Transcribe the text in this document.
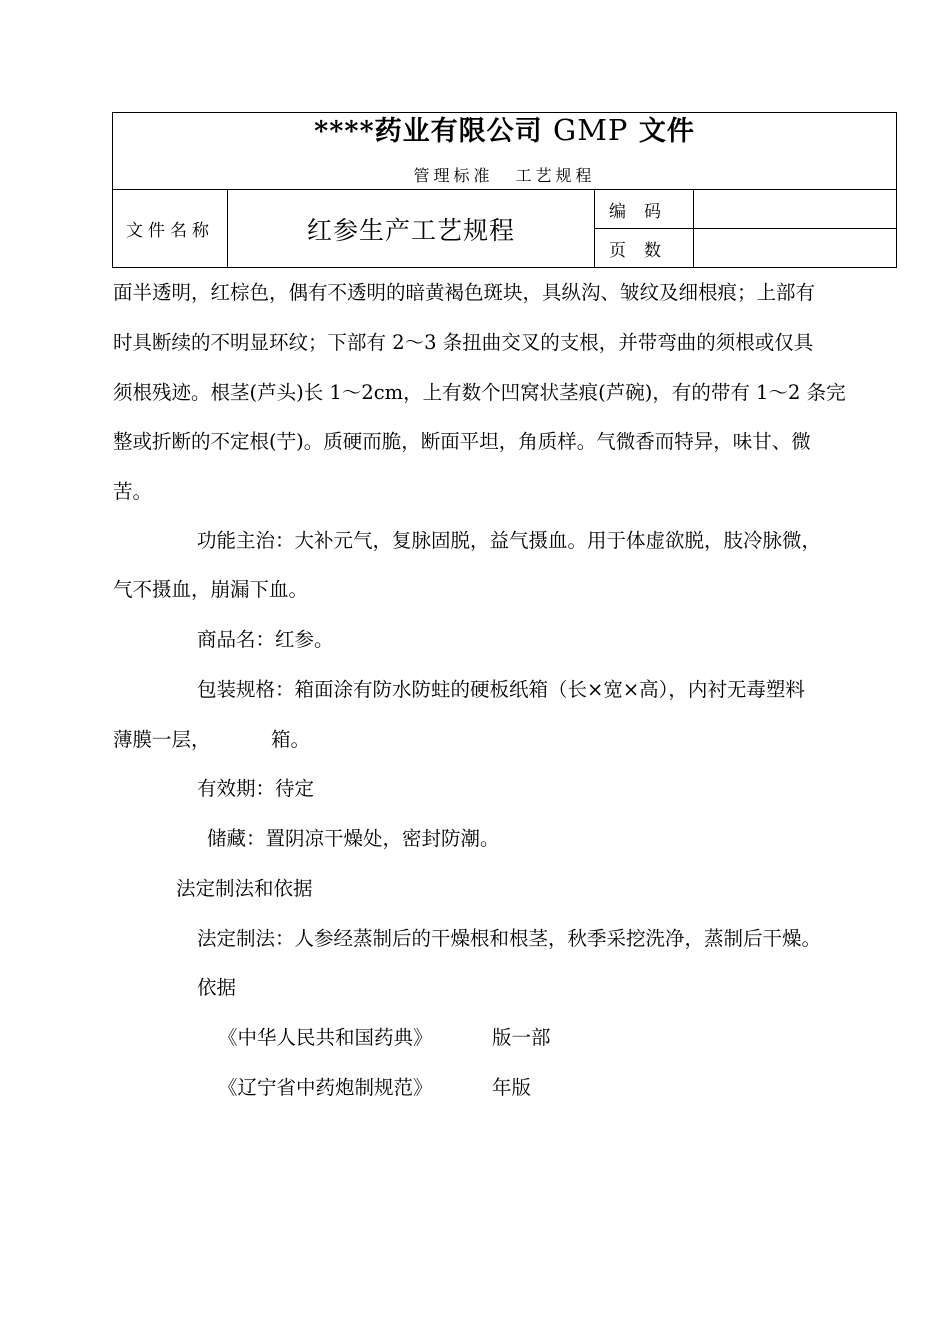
****药业有限公司 GMP 文件
管理标准 工艺规程			

文件名称	红参生产工艺规程	编码	
		页数	
面半透明，红棕色，偶有不透明的暗黄褐色斑块，具纵沟、皱纹及细根痕；上部有
时具断续的不明显环纹；下部有 2～3 条扭曲交叉的支根，并带弯曲的须根或仅具
须根残迹。根茎(芦头)长 1～2cm，上有数个凹窝状茎痕(芦碗)，有的带有 1～2 条完
整或折断的不定根(艼)。质硬而脆，断面平坦，角质样。气微香而特异，味甘、微
苦。
功能主治：大补元气，复脉固脱，益气摄血。用于体虚欲脱，肢冷脉微，
气不摄血，崩漏下血。
商品名：红参。
包装规格：箱面涂有防水防蛀的硬板纸箱（长×宽×高），内衬无毒塑料
薄膜一层，	箱。
有效期：待定
储藏：置阴凉干燥处，密封防潮。
法定制法和依据
法定制法：人参经蒸制后的干燥根和根茎，秋季采挖洗净，蒸制后干燥。
依据
《中华人民共和国药典》	版一部
《辽宁省中药炮制规范》	年版
